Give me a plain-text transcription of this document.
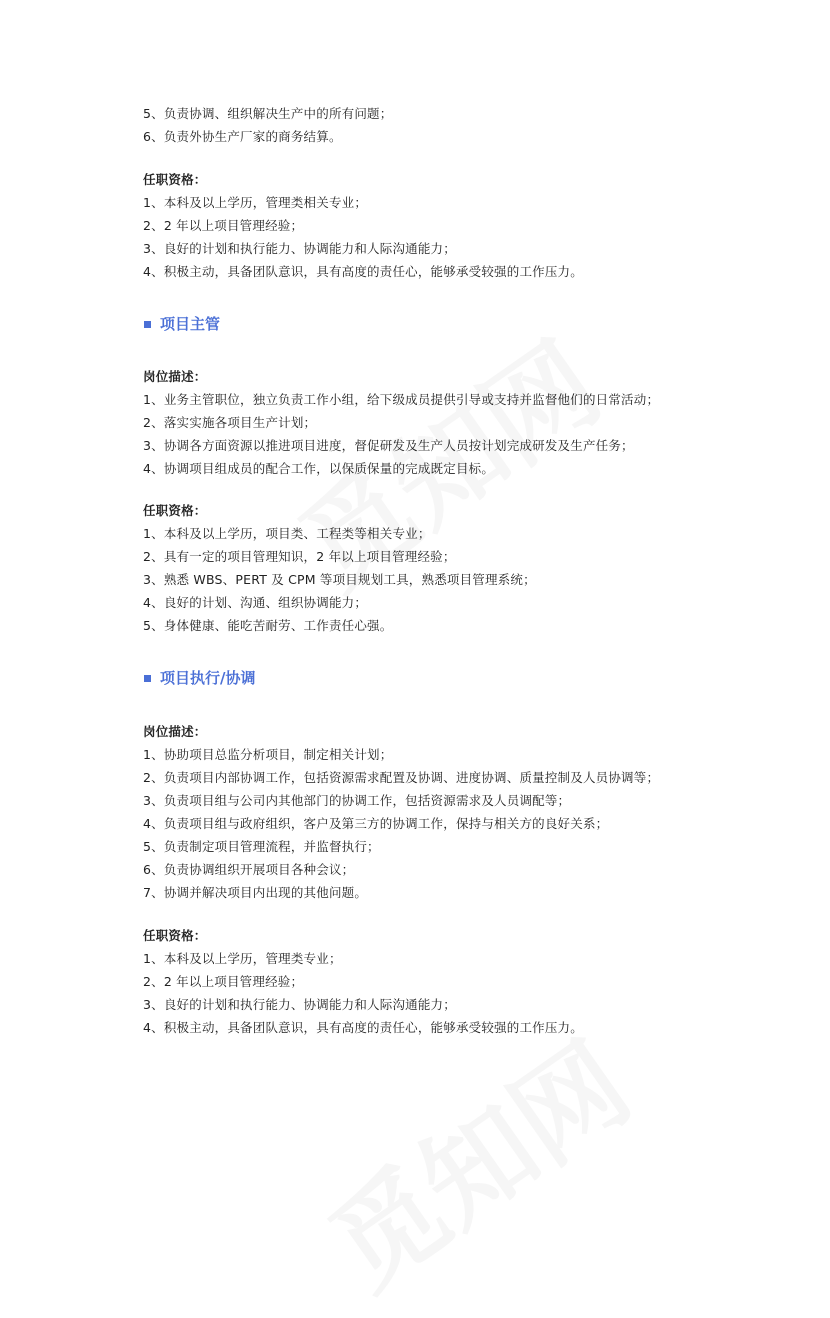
5、负责协调、组织解决生产中的所有问题；
6、负责外协生产厂家的商务结算。
任职资格：
1、本科及以上学历，管理类相关专业；
2、2 年以上项目管理经验；
3、良好的计划和执行能力、协调能力和人际沟通能力；
4、积极主动，具备团队意识，具有高度的责任心，能够承受较强的工作压力。
项目主管
岗位描述：
1、业务主管职位，独立负责工作小组，给下级成员提供引导或支持并监督他们的日常活动；
2、落实实施各项目生产计划；
3、协调各方面资源以推进项目进度，督促研发及生产人员按计划完成研发及生产任务；
4、协调项目组成员的配合工作，以保质保量的完成既定目标。
任职资格：
1、本科及以上学历，项目类、工程类等相关专业；
2、具有一定的项目管理知识，2 年以上项目管理经验；
3、熟悉 WBS、PERT 及 CPM 等项目规划工具，熟悉项目管理系统；
4、良好的计划、沟通、组织协调能力；
5、身体健康、能吃苦耐劳、工作责任心强。
项目执行/协调
岗位描述：
1、协助项目总监分析项目，制定相关计划；
2、负责项目内部协调工作，包括资源需求配置及协调、进度协调、质量控制及人员协调等；
3、负责项目组与公司内其他部门的协调工作，包括资源需求及人员调配等；
4、负责项目组与政府组织，客户及第三方的协调工作，保持与相关方的良好关系；
5、负责制定项目管理流程，并监督执行；
6、负责协调组织开展项目各种会议；
7、协调并解决项目内出现的其他问题。
任职资格：
1、本科及以上学历，管理类专业；
2、2 年以上项目管理经验；
3、良好的计划和执行能力、协调能力和人际沟通能力；
4、积极主动，具备团队意识，具有高度的责任心，能够承受较强的工作压力。
